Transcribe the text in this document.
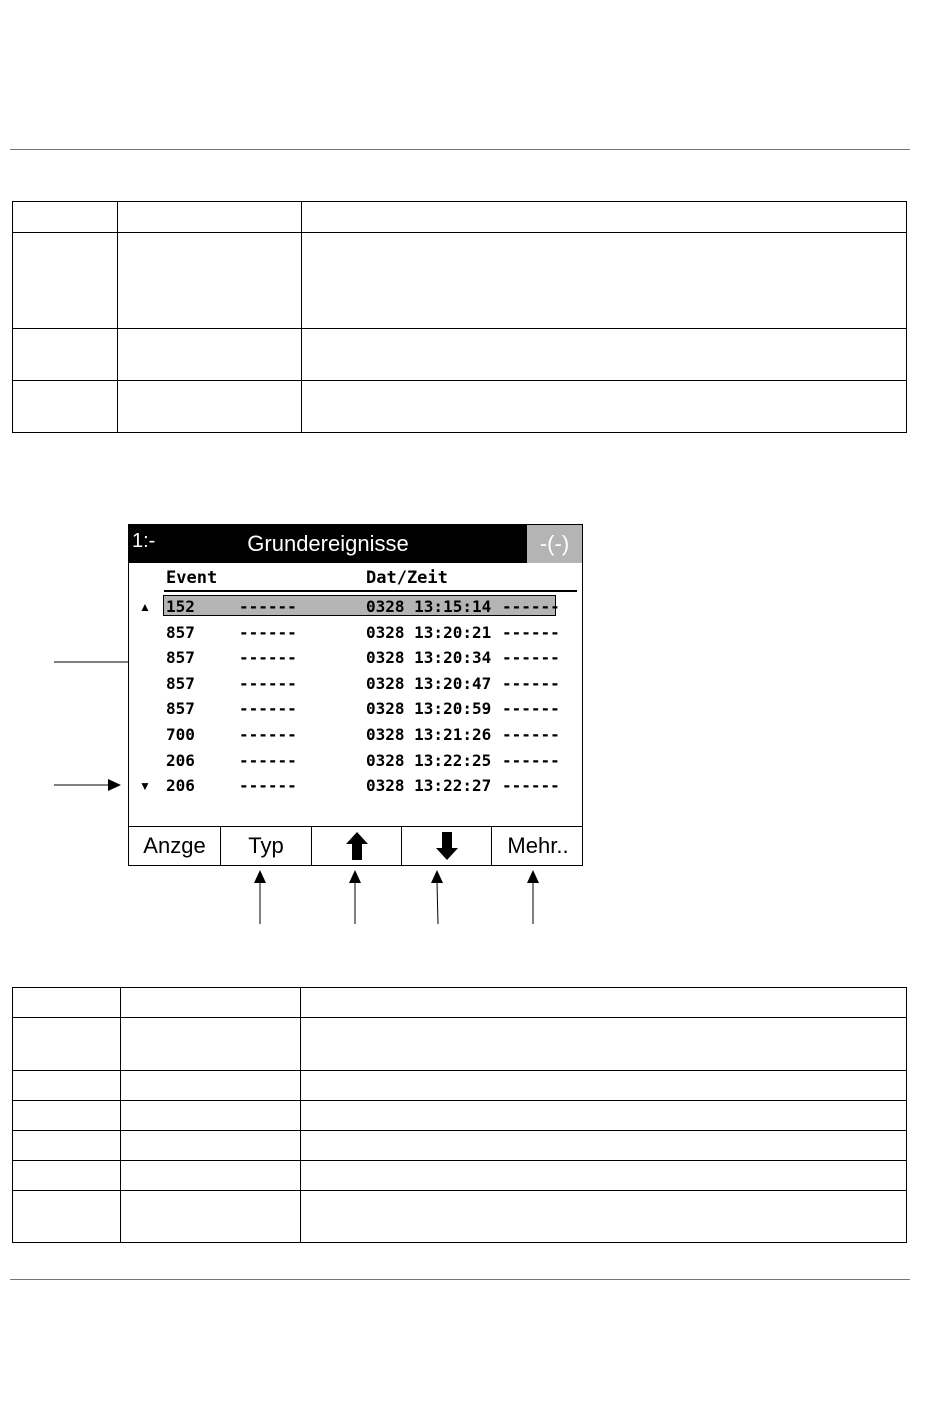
1:-	Grundereignisse	-(-)
Event	Dat/Zeit
152	------	0328 13:15:14 ------
857	------	0328 13:20:21 ------
857	------	0328 13:20:34 ------
857	------	0328 13:20:47 ------
857	------	0328 13:20:59 ------
700	------	0328 13:21:26 ------
206	------	0328 13:22:25 ------
206	------	0328 13:22:27 ------
▲
▼
Anzge	Typ	Mehr..
